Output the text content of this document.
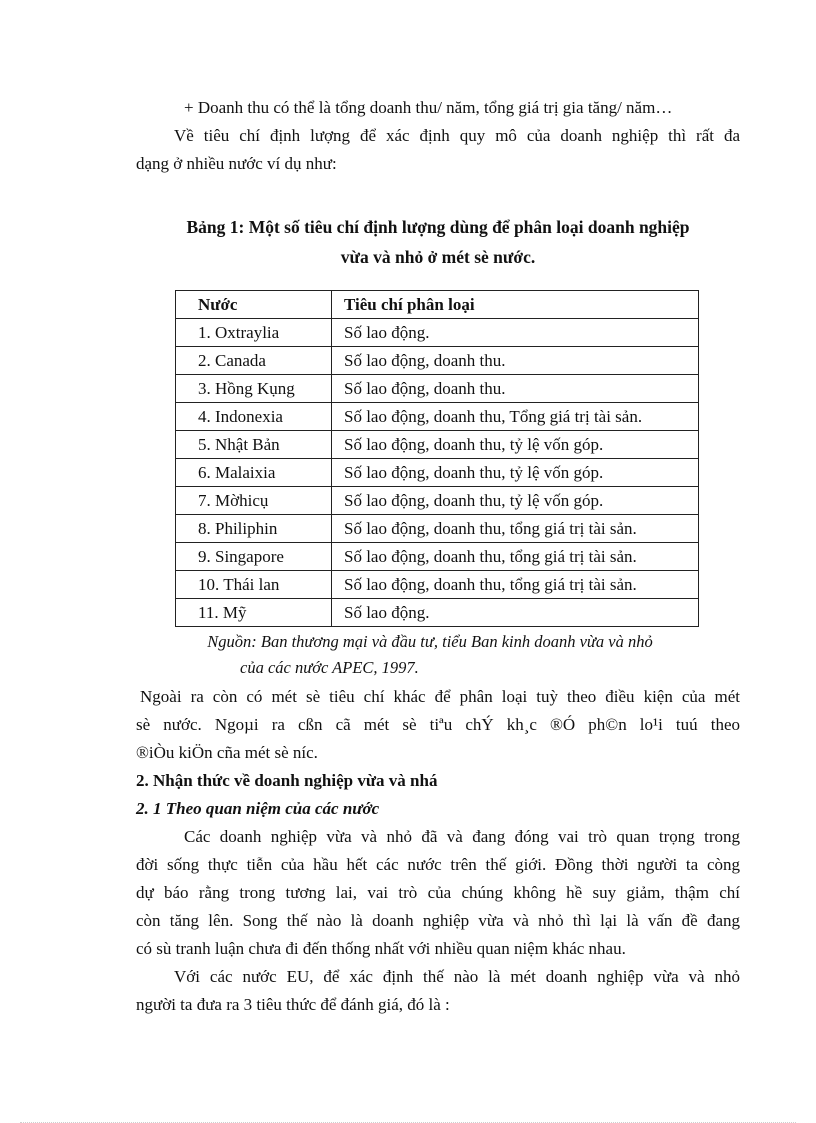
+ Doanh thu có thể là tổng doanh thu/ năm, tổng giá trị gia tăng/ năm…

Về tiêu chí định lượng để xác định quy mô của doanh nghiệp thì rất đa

dạng ở nhiều nước ví dụ như:

Bảng 1: Một số tiêu chí định lượng dùng để phân loại doanh nghiệp

vừa và nhỏ ở mét sè nước.

Nước	Tiêu chí phân loại
1. Oxtraylia	Số lao động.
2. Canada	Số lao động, doanh thu.
3. Hồng Kụng	Số lao động, doanh thu.
4. Indonexia	Số lao động, doanh thu, Tổng giá trị tài sản.
5. Nhật Bản	Số lao động, doanh thu, tỷ lệ vốn góp.
6. Malaixia	Số lao động, doanh thu, tỷ lệ vốn góp.
7. Mờhicụ	Số lao động, doanh thu, tỷ lệ vốn góp.
8. Philiphin	Số lao động, doanh thu, tổng giá trị tài sản.
9. Singapore	Số lao động, doanh thu, tổng giá trị tài sản.
10. Thái lan	Số lao động, doanh thu, tổng giá trị tài sản.
11. Mỹ	Số lao động.

Nguồn: Ban thương mại và đầu tư, tiểu Ban kinh doanh vừa và nhỏ

của các nước APEC, 1997.

Ngoài ra còn có mét sè tiêu chí khác để phân loại tuỳ theo điều kiện của mét

sè nước. Ngoµi ra cßn cã mét sè tiªu chÝ kh¸c ®Ó ph©n lo¹i tuú theo

®iÒu kiÖn cña mét sè níc.

2. Nhận thức về doanh nghiệp vừa và nhá

2. 1 Theo quan niệm của các nước

Các doanh nghiệp vừa và nhỏ đã và đang đóng vai trò quan trọng trong

đời sống thực tiễn của hầu hết các nước trên thế giới. Đồng thời người ta còng

dự báo rằng trong tương lai, vai trò của chúng không hề suy giảm, thậm chí

còn tăng lên. Song thế nào là doanh nghiệp vừa và nhỏ thì lại là vấn đề đang

có sù tranh luận chưa đi đến thống nhất với nhiều quan niệm khác nhau.

Với các nước EU, để xác định thế nào là mét doanh nghiệp vừa và nhỏ

người ta đưa ra 3 tiêu thức để đánh giá, đó là :
